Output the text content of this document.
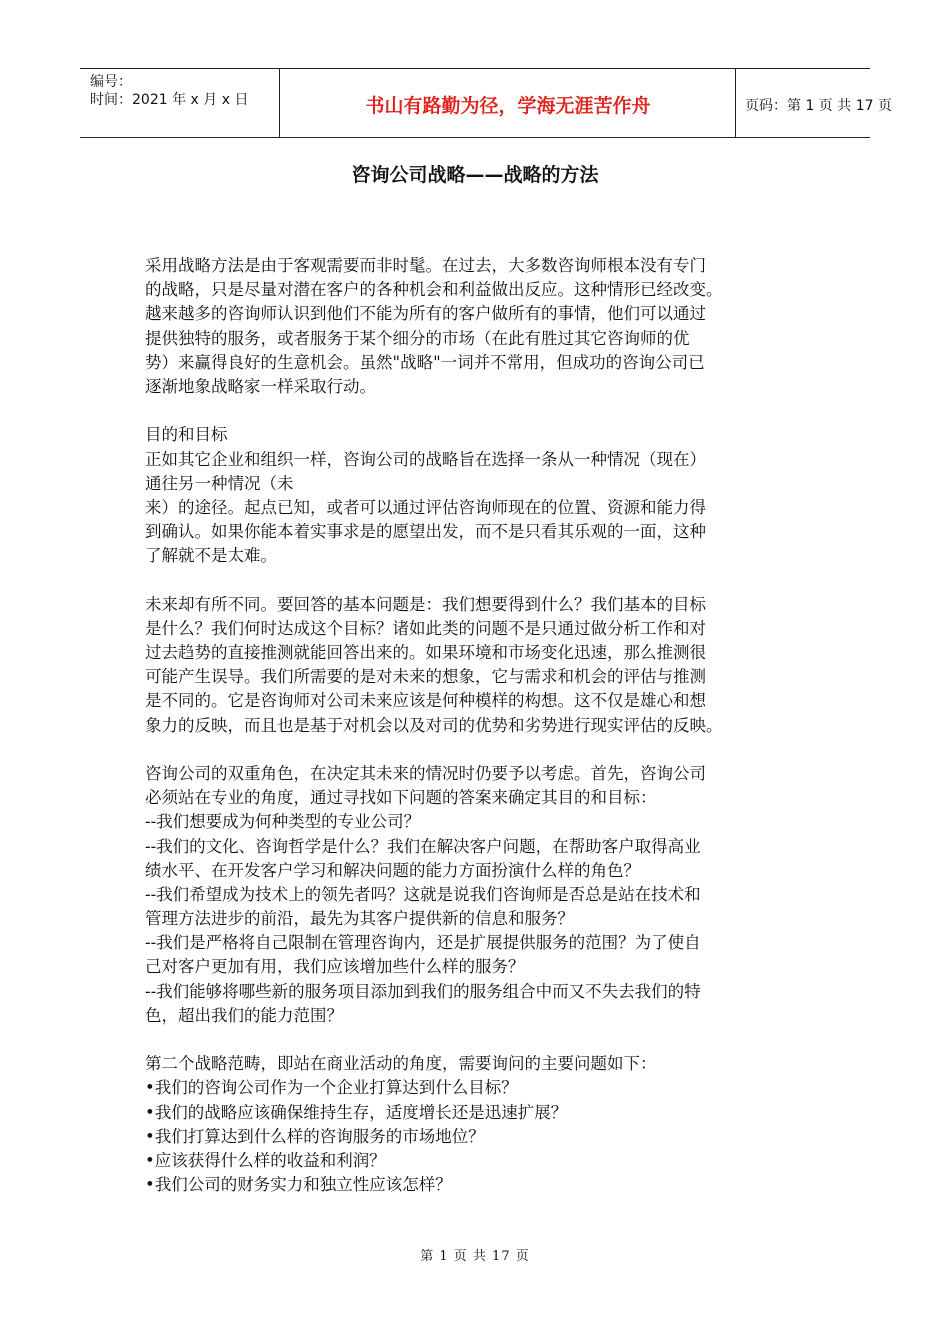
编号：
时间：2021 年 x 月 x 日	书山有路勤为径，学海无涯苦作舟	页码：第 1 页 共 17 页
咨询公司战略——战略的方法
采用战略方法是由于客观需要而非时髦。在过去，大多数咨询师根本没有专门
的战略，只是尽量对潜在客户的各种机会和利益做出反应。这种情形已经改变。
越来越多的咨询师认识到他们不能为所有的客户做所有的事情，他们可以通过
提供独特的服务，或者服务于某个细分的市场（在此有胜过其它咨询师的优
势）来赢得良好的生意机会。虽然"战略"一词并不常用，但成功的咨询公司已
逐渐地象战略家一样采取行动。
目的和目标
正如其它企业和组织一样，咨询公司的战略旨在选择一条从一种情况（现在）
通往另一种情况（未
来）的途径。起点已知，或者可以通过评估咨询师现在的位置、资源和能力得
到确认。如果你能本着实事求是的愿望出发，而不是只看其乐观的一面，这种
了解就不是太难。
未来却有所不同。要回答的基本问题是：我们想要得到什么？我们基本的目标
是什么？我们何时达成这个目标？诸如此类的问题不是只通过做分析工作和对
过去趋势的直接推测就能回答出来的。如果环境和市场变化迅速，那么推测很
可能产生误导。我们所需要的是对未来的想象，它与需求和机会的评估与推测
是不同的。它是咨询师对公司未来应该是何种模样的构想。这不仅是雄心和想
象力的反映，而且也是基于对机会以及对司的优势和劣势进行现实评估的反映。
咨询公司的双重角色，在决定其未来的情况时仍要予以考虑。首先，咨询公司
必须站在专业的角度，通过寻找如下问题的答案来确定其目的和目标：
--我们想要成为何种类型的专业公司？
--我们的文化、咨询哲学是什么？我们在解决客户问题，在帮助客户取得高业
绩水平、在开发客户学习和解决问题的能力方面扮演什么样的角色？
--我们希望成为技术上的领先者吗？这就是说我们咨询师是否总是站在技术和
管理方法进步的前沿，最先为其客户提供新的信息和服务？
--我们是严格将自己限制在管理咨询内，还是扩展提供服务的范围？为了使自
己对客户更加有用，我们应该增加些什么样的服务？
--我们能够将哪些新的服务项目添加到我们的服务组合中而又不失去我们的特
色，超出我们的能力范围？
第二个战略范畴，即站在商业活动的角度，需要询问的主要问题如下：
•我们的咨询公司作为一个企业打算达到什么目标？
•我们的战略应该确保维持生存，适度增长还是迅速扩展？
•我们打算达到什么样的咨询服务的市场地位？
•应该获得什么样的收益和利润？
•我们公司的财务实力和独立性应该怎样？
第 1 页 共 17 页
